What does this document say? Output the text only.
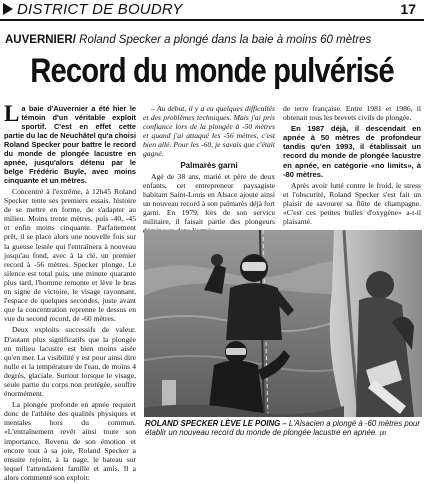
DISTRICT DE BOUDRY	17
AUVERNIER/ Roland Specker a plongé dans la baie à moins 60 mètres
Record du monde pulvérisé

La baie d'Auvernier a été hier le témoin d'un véritable exploit sportif. C'est en effet cette partie du lac de Neuchâtel qu'a choisi Roland Specker pour battre le record du monde de plongée lacustre en apnée, jusqu'alors détenu par le belge Frédéric Buyle, avec moins cinquante et un mètres.

Concentré à l'extrême, à 12h45 Roland Specker tente ses premiers essais, histoire de se mettre en forme, de s'adapter au milieu. Moins trente mètres, puis -40, -45 et enfin moins cinquante. Parfaitement prêt, il se place alors une nouvelle fois sur la gueuse lestée qui l'entraînera à nouveau jusqu'au fond, avec à la clé, un premier record à -56 mètres. Specker plonge. Le silence est total puis, une minute quarante plus tard, l'homme remonte et lève le bras en signe de victoire, le visage rayonnant, l'espace de quelques secondes, juste avant que la concentration reprenne le dessus en vue du second record, de -60 mètres.

Deux exploits successifs de valeur. D'autant plus significatifs que la plongée en milieu lacustre est bien moins aisée qu'en mer. La visibilité y est pour ainsi dire nulle et la température de l'eau, de moins 4 degrés, glaciale. Surtout lorsque le visage, seule partie du corps non protégée, souffre énormément.

La plongée profonde en apnée requiert donc de l'athlète des qualités physiques et mentales hors du commun. «L'entraînement revêt ainsi toute son importance. Revenu de son émotion et encore tout à sa joie, Roland Specker a ensuite rejoint, à la nage, le bateau sur lequel l'attendaient famille et amis. Il a alors commenté son exploit:

– Au début, il y a eu quelques difficultés et des problèmes techniques. Mais j'ai pris confiance lors de la plongée à -50 mètres et quand j'ai attaqué les -56 mètres, c'est bien allé. Pour les -60, je savais que c'était gagné.

Palmarès garni

Agé de 38 ans, marié et père de deux enfants, cet entrepreneur paysagiste habitant Saint-Louis en Alsace ajoute ainsi un nouveau record à son palmarès déjà fort garni. En 1979, lors de son service militaire, il faisait partie des plongeurs

de terre française. Entre 1981 et 1986, il obtenait tous les brevets civils de plongée.

En 1987 déjà, il descendait en apnée à 50 mètres de profondeur tandis qu'en 1993, il établissait un record du monde de plongée lacustre en apnée, en catégorie «no limits», à -80 mètres.

Après avoir lutté contre le froid, le stress et l'obscurité, Roland Specker s'est fait un plaisir de savourer sa flûte de champagne. «C'est ces petites bulles d'oxygène» a-t-il plaisanté.

ROLAND SPECKER LÈVE LE POING – L'Alsacien a plongé à -60 mètres pour établir un nouveau record du monde de plongée lacustre en apnée. ptr
